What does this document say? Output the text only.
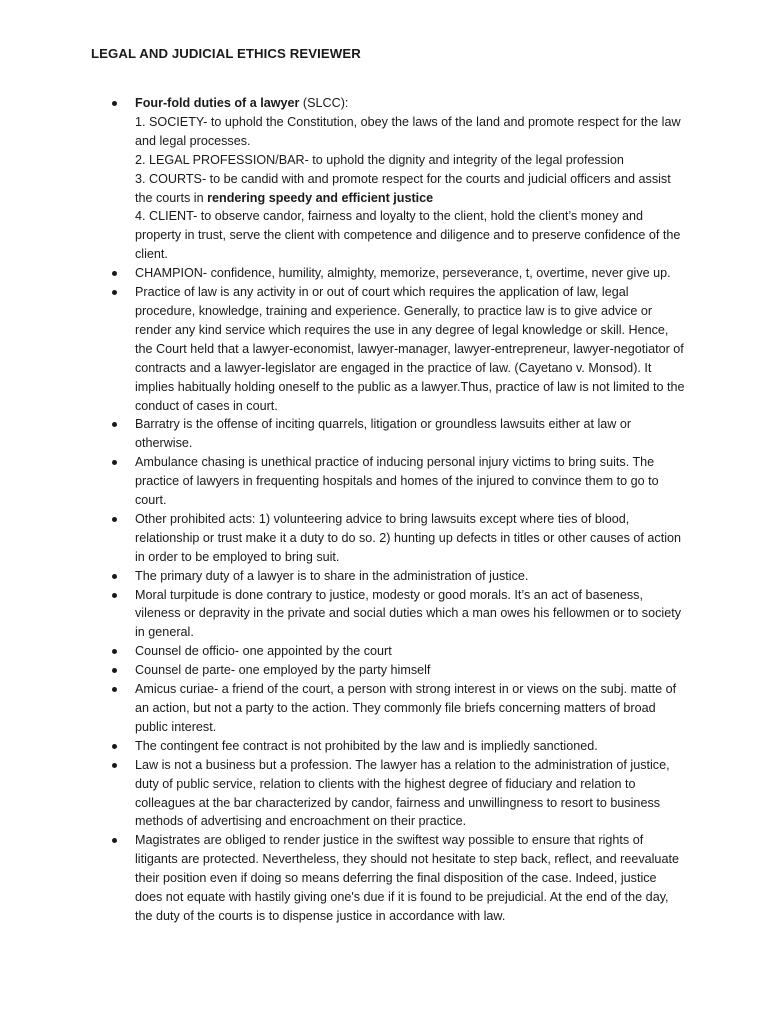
LEGAL AND JUDICIAL ETHICS REVIEWER
Four-fold duties of a lawyer (SLCC):
1. SOCIETY- to uphold the Constitution, obey the laws of the land and promote respect for the law and legal processes.
2. LEGAL PROFESSION/BAR- to uphold the dignity and integrity of the legal profession
3. COURTS- to be candid with and promote respect for the courts and judicial officers and assist the courts in rendering speedy and efficient justice
4. CLIENT- to observe candor, fairness and loyalty to the client, hold the client’s money and property in trust, serve the client with competence and diligence and to preserve confidence of the client.
CHAMPION- confidence, humility, almighty, memorize, perseverance, t, overtime, never give up.
Practice of law is any activity in or out of court which requires the application of law, legal procedure, knowledge, training and experience. Generally, to practice law is to give advice or render any kind service which requires the use in any degree of legal knowledge or skill. Hence, the Court held that a lawyer-economist, lawyer-manager, lawyer-entrepreneur, lawyer-negotiator of contracts and a lawyer-legislator are engaged in the practice of law. (Cayetano v. Monsod). It implies habitually holding oneself to the public as a lawyer.Thus, practice of law is not limited to the conduct of cases in court.
Barratry is the offense of inciting quarrels, litigation or groundless lawsuits either at law or otherwise.
Ambulance chasing is unethical practice of inducing personal injury victims to bring suits. The practice of lawyers in frequenting hospitals and homes of the injured to convince them to go to court.
Other prohibited acts: 1) volunteering advice to bring lawsuits except where ties of blood, relationship or trust make it a duty to do so. 2) hunting up defects in titles or other causes of action in order to be employed to bring suit.
The primary duty of a lawyer is to share in the administration of justice.
Moral turpitude is done contrary to justice, modesty or good morals. It’s an act of baseness, vileness or depravity in the private and social duties which a man owes his fellowmen or to society in general.
Counsel de officio- one appointed by the court
Counsel de parte- one employed by the party himself
Amicus curiae- a friend of the court, a person with strong interest in or views on the subj. matte of an action, but not a party to the action. They commonly file briefs concerning matters of broad public interest.
The contingent fee contract is not prohibited by the law and is impliedly sanctioned.
Law is not a business but a profession. The lawyer has a relation to the administration of justice, duty of public service, relation to clients with the highest degree of fiduciary and relation to colleagues at the bar characterized by candor, fairness and unwillingness to resort to business methods of advertising and encroachment on their practice.
Magistrates are obliged to render justice in the swiftest way possible to ensure that rights of litigants are protected. Nevertheless, they should not hesitate to step back, reflect, and reevaluate their position even if doing so means deferring the final disposition of the case. Indeed, justice does not equate with hastily giving one's due if it is found to be prejudicial. At the end of the day, the duty of the courts is to dispense justice in accordance with law.
